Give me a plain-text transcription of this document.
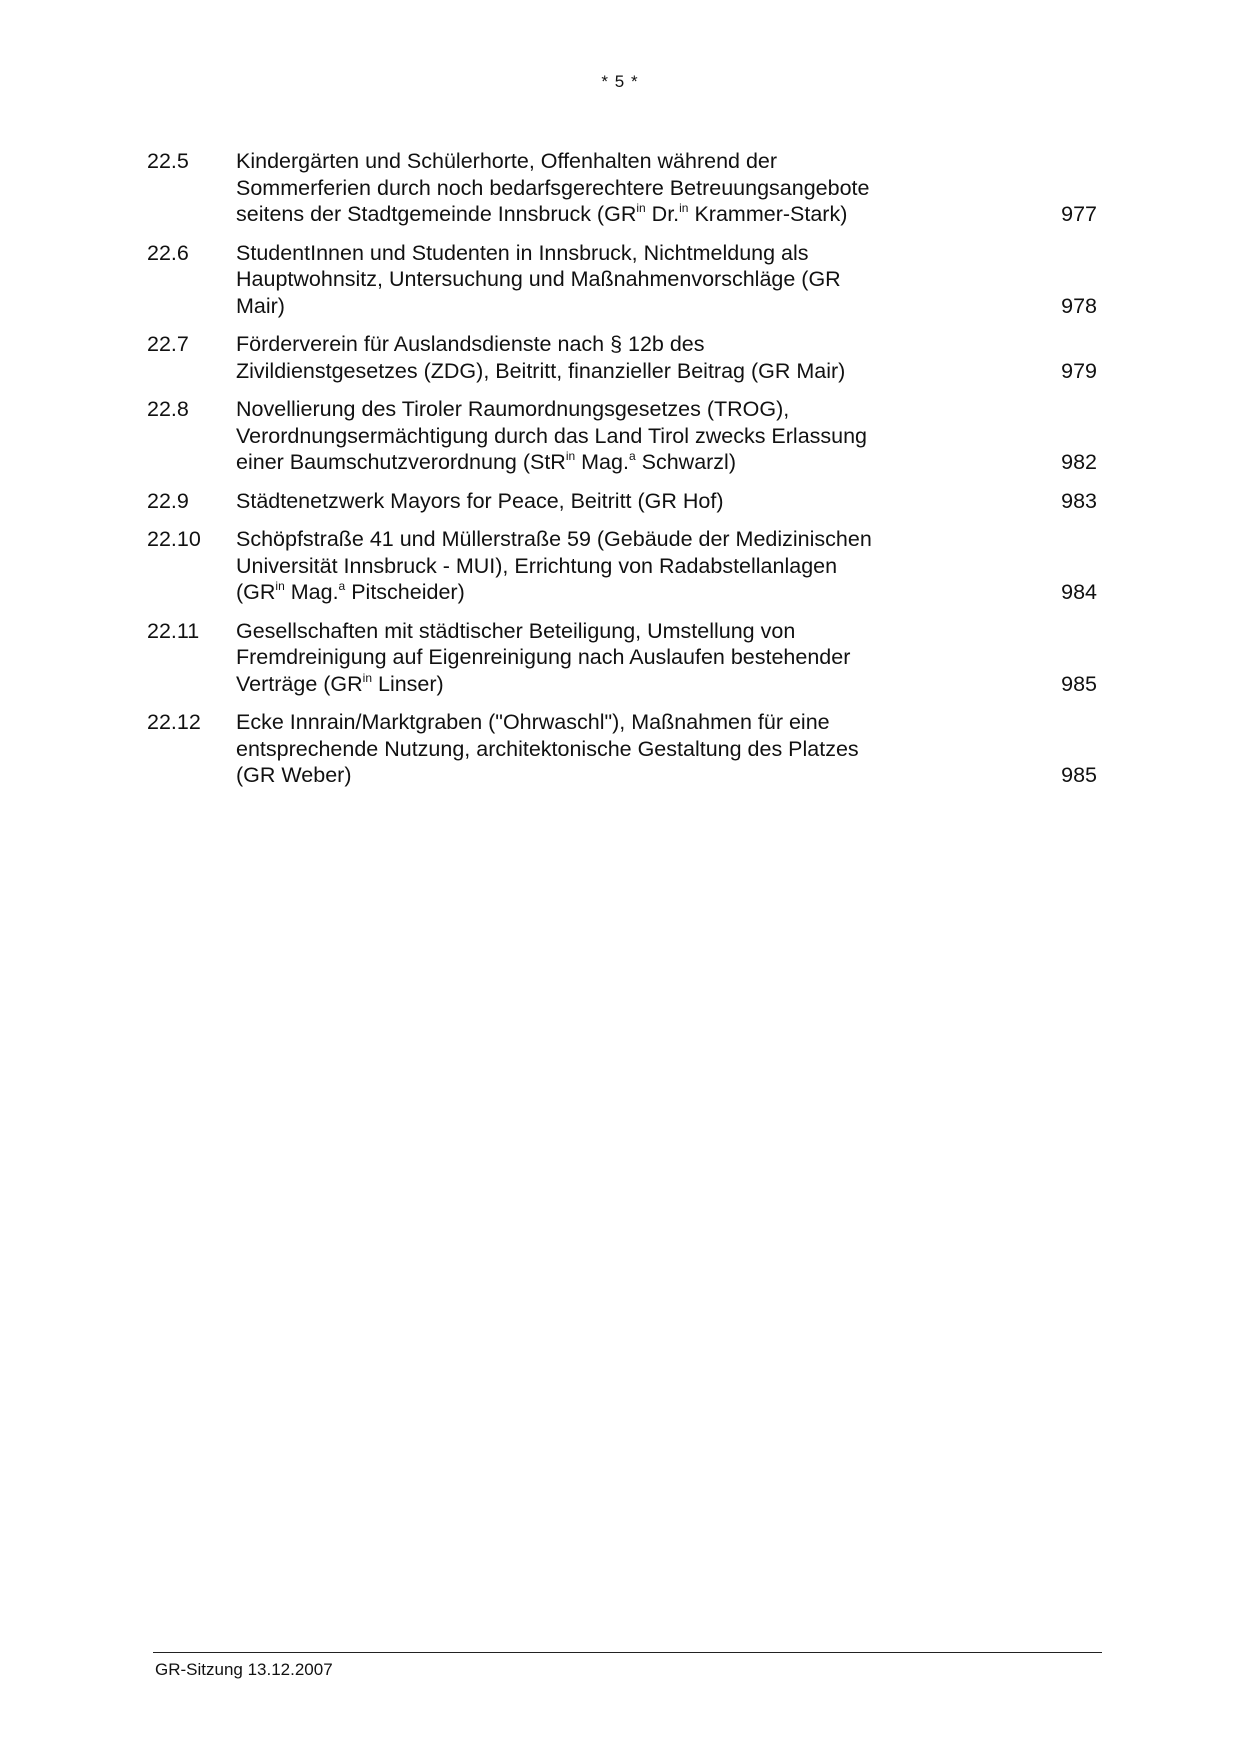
* 5 *
22.5 Kindergärten und Schülerhorte, Offenhalten während der
Sommerferien durch noch bedarfsgerechtere Betreuungsangebote
seitens der Stadtgemeinde Innsbruck ($GR^{in}$ Dr.$^{in}$ Krammer-Stark)	977
22.6 StudentInnen und Studenten in Innsbruck, Nichtmeldung als
Hauptwohnsitz, Untersuchung und Maßnahmenvorschläge (GR
Mair)	978
22.7 Förderverein für Auslandsdienste nach § 12b des
Zivildienstgesetzes (ZDG), Beitritt, finanzieller Beitrag (GR Mair)	979
22.8 Novellierung des Tiroler Raumordnungsgesetzes (TROG),
Verordnungsermächtigung durch das Land Tirol zwecks Erlassung
einer Baumschutzverordnung (StR$^{in}$ Mag.$^a$ Schwarzl)	982
22.9 Städtenetzwerk Mayors for Peace, Beitritt (GR Hof)	983
22.10 Schöpfstraße 41 und Müllerstraße 59 (Gebäude der Medizinischen
Universität Innsbruck - MUI), Errichtung von Radabstellanlagen
($GR^{in}$ Mag.$^a$ Pitscheider)	984
22.11 Gesellschaften mit städtischer Beteiligung, Umstellung von
Fremdreinigung auf Eigenreinigung nach Auslaufen bestehender
Verträge ($GR^{in}$ Linser)	985
22.12 Ecke Innrain/Marktgraben ("Ohrwaschl"), Maßnahmen für eine
entsprechende Nutzung, architektonische Gestaltung des Platzes
(GR Weber)	985
GR-Sitzung 13.12.2007
